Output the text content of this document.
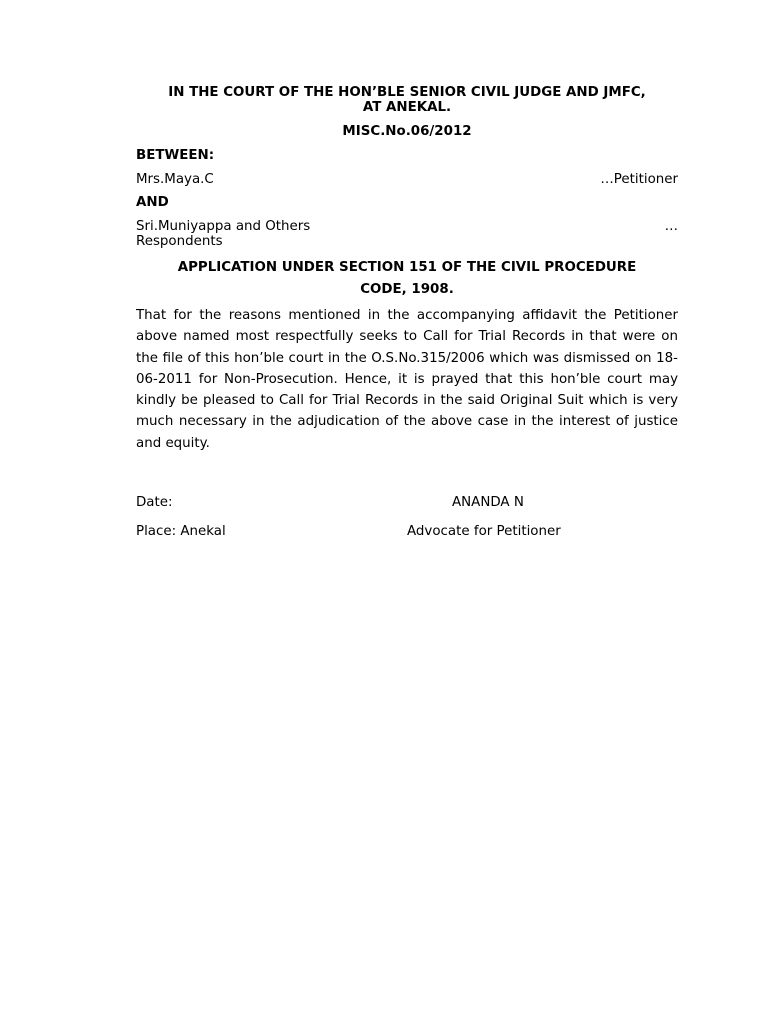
IN THE COURT OF THE HON’BLE SENIOR CIVIL JUDGE AND JMFC,
AT ANEKAL.
MISC.No.06/2012
BETWEEN:
Mrs.Maya.C	…Petitioner
AND
Sri.Muniyappa and Others	…
Respondents
APPLICATION UNDER SECTION 151 OF THE CIVIL PROCEDURE
CODE, 1908.
That for the reasons mentioned in the accompanying affidavit the Petitioner above named most respectfully seeks to Call for Trial Records in that were on the file of this hon’ble court in the O.S.No.315/2006 which was dismissed on 18-06-2011 for Non-Prosecution. Hence, it is prayed that this hon’ble court may kindly be pleased to Call for Trial Records in the said Original Suit which is very much necessary in the adjudication of the above case in the interest of justice and equity.
Date:	ANANDA N
Place: Anekal	Advocate for Petitioner
